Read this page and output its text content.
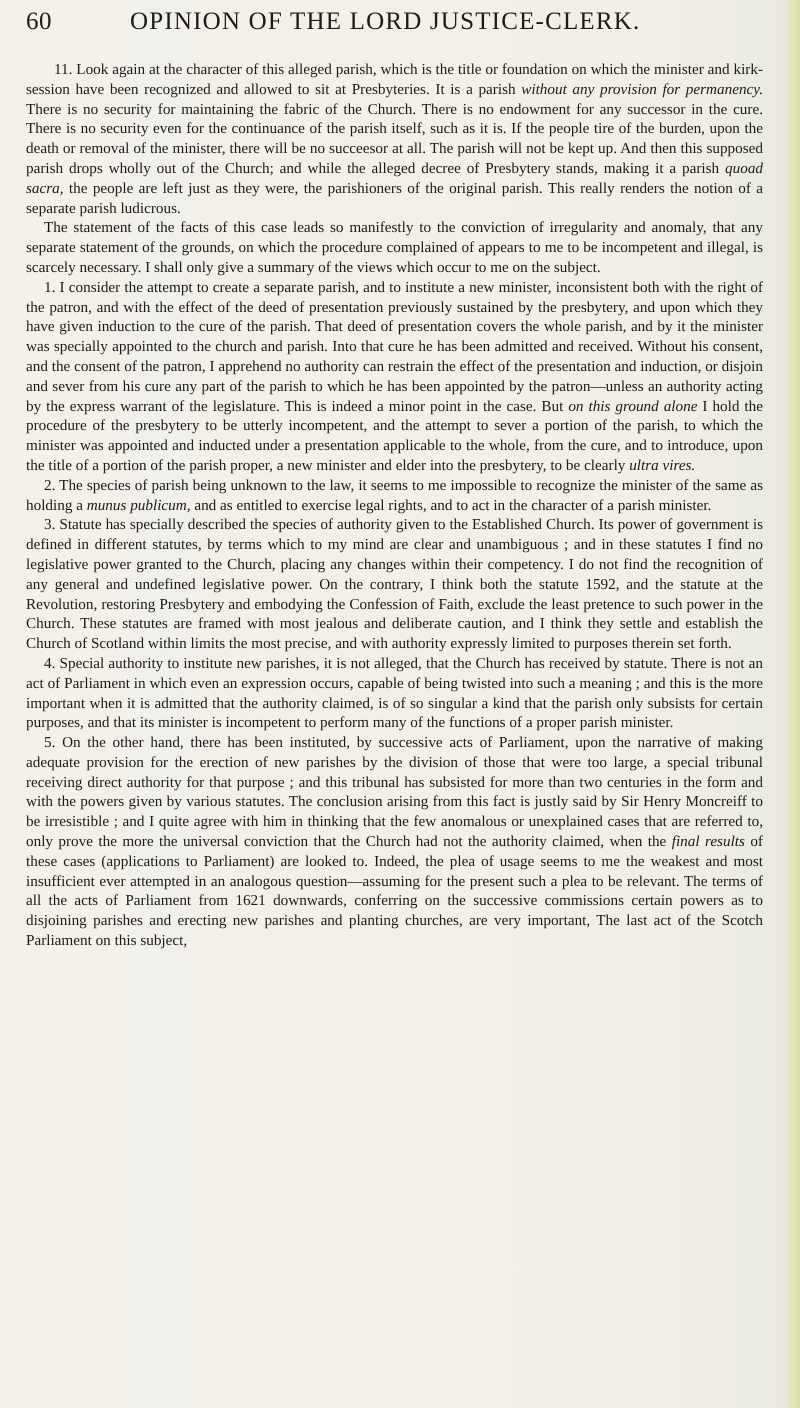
60	OPINION OF THE LORD JUSTICE-CLERK.

11. Look again at the character of this alleged parish, which is the title or foundation on which the minister and kirk-session have been recognized and allowed to sit at Presbyteries. It is a parish without any provision for permanency. There is no security for maintaining the fabric of the Church. There is no endowment for any successor in the cure. There is no security even for the continuance of the parish itself, such as it is. If the people tire of the burden, upon the death or removal of the minister, there will be no succeesor at all. The parish will not be kept up. And then this supposed parish drops wholly out of the Church; and while the alleged decree of Presbytery stands, making it a parish quoad sacra, the people are left just as they were, the parishioners of the original parish. This really renders the notion of a separate parish ludicrous.

The statement of the facts of this case leads so manifestly to the conviction of irregularity and anomaly, that any separate statement of the grounds, on which the procedure complained of appears to me to be incompetent and illegal, is scarcely necessary. I shall only give a summary of the views which occur to me on the subject.

1. I consider the attempt to create a separate parish, and to institute a new minister, inconsistent both with the right of the patron, and with the effect of the deed of presentation previously sustained by the presbytery, and upon which they have given induction to the cure of the parish. That deed of presentation covers the whole parish, and by it the minister was specially appointed to the church and parish. Into that cure he has been admitted and received. Without his consent, and the consent of the patron, I apprehend no authority can restrain the effect of the presentation and induction, or disjoin and sever from his cure any part of the parish to which he has been appointed by the patron—unless an authority acting by the express warrant of the legislature. This is indeed a minor point in the case. But on this ground alone I hold the procedure of the presbytery to be utterly incompetent, and the attempt to sever a portion of the parish, to which the minister was appointed and inducted under a presentation applicable to the whole, from the cure, and to introduce, upon the title of a portion of the parish proper, a new minister and elder into the presbytery, to be clearly ultra vires.

2. The species of parish being unknown to the law, it seems to me impossible to recognize the minister of the same as holding a munus publicum, and as entitled to exercise legal rights, and to act in the character of a parish minister.

3. Statute has specially described the species of authority given to the Established Church. Its power of government is defined in different statutes, by terms which to my mind are clear and unambiguous ; and in these statutes I find no legislative power granted to the Church, placing any changes within their competency. I do not find the recognition of any general and undefined legislative power. On the contrary, I think both the statute 1592, and the statute at the Revolution, restoring Presbytery and embodying the Confession of Faith, exclude the least pretence to such power in the Church. These statutes are framed with most jealous and deliberate caution, and I think they settle and establish the Church of Scotland within limits the most precise, and with authority expressly limited to purposes therein set forth.

4. Special authority to institute new parishes, it is not alleged, that the Church has received by statute. There is not an act of Parliament in which even an expression occurs, capable of being twisted into such a meaning ; and this is the more important when it is admitted that the authority claimed, is of so singular a kind that the parish only subsists for certain purposes, and that its minister is incompetent to perform many of the functions of a proper parish minister.

5. On the other hand, there has been instituted, by successive acts of Parliament, upon the narrative of making adequate provision for the erection of new parishes by the division of those that were too large, a special tribunal receiving direct authority for that purpose ; and this tribunal has subsisted for more than two centuries in the form and with the powers given by various statutes. The conclusion arising from this fact is justly said by Sir Henry Moncreiff to be irresistible ; and I quite agree with him in thinking that the few anomalous or unexplained cases that are referred to, only prove the more the universal conviction that the Church had not the authority claimed, when the final results of these cases (applications to Parliament) are looked to. Indeed, the plea of usage seems to me the weakest and most insufficient ever attempted in an analogous question—assuming for the present such a plea to be relevant. The terms of all the acts of Parliament from 1621 downwards, conferring on the successive commissions certain powers as to disjoining parishes and erecting new parishes and planting churches, are very important, The last act of the Scotch Parliament on this subject,
